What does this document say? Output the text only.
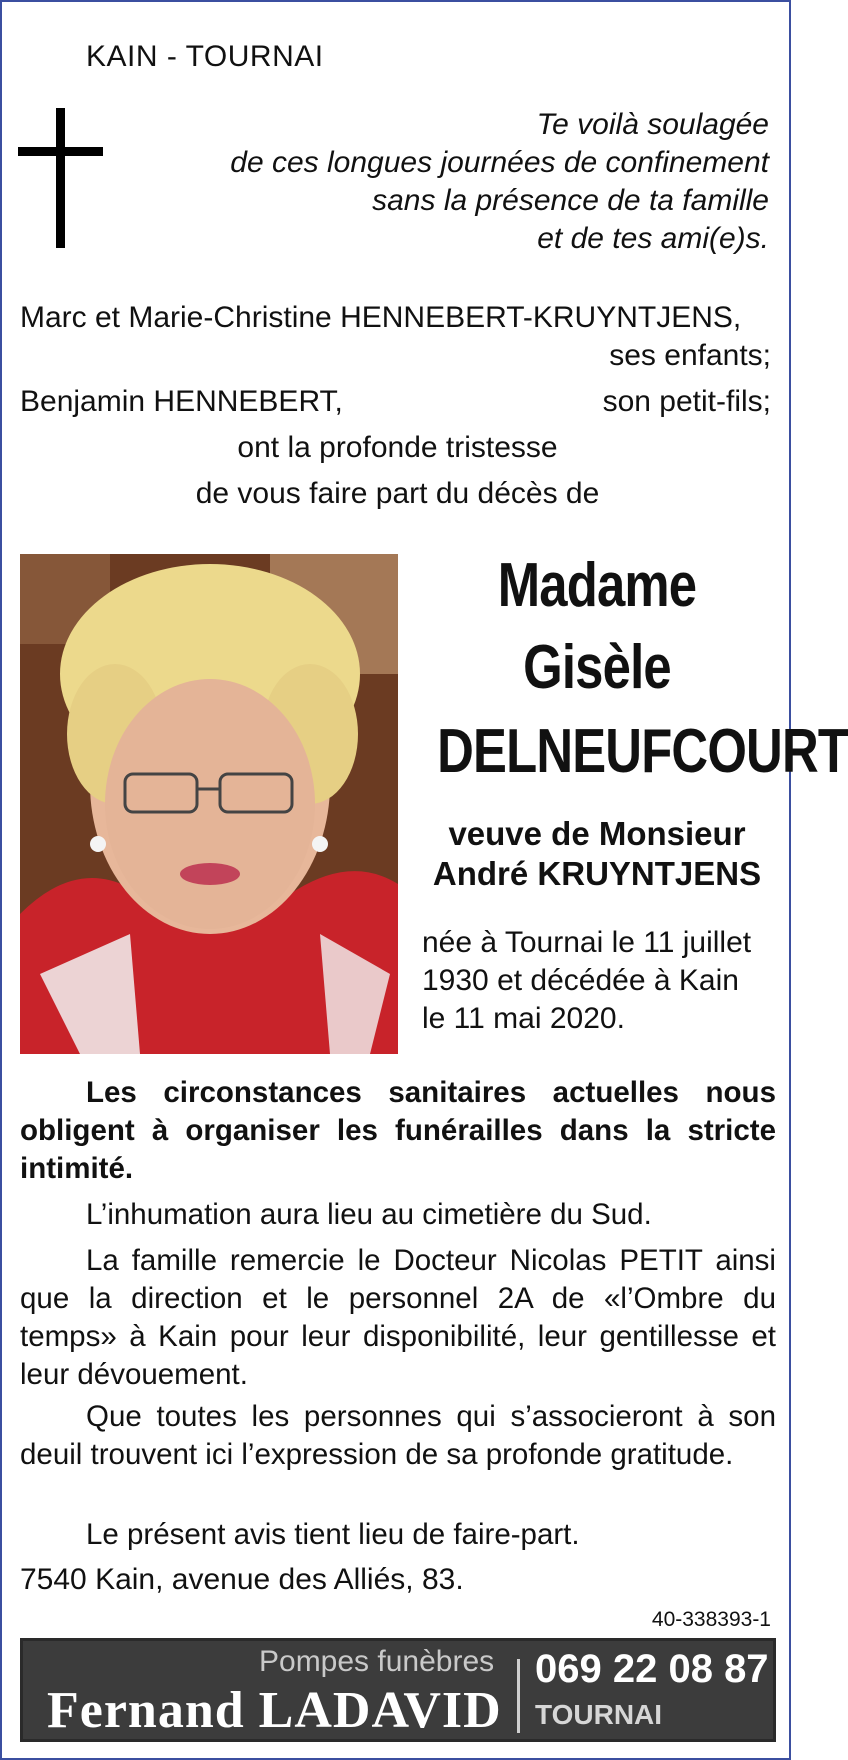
KAIN - TOURNAI
Te voilà soulagée
de ces longues journées de confinement
sans la présence de ta famille
et de tes ami(e)s.
Marc et Marie-Christine HENNEBERT-KRUYNTJENS,
ses enfants;
Benjamin HENNEBERT,	son petit-fils;
ont la profonde tristesse
de vous faire part du décès de
Madame
Gisèle
DELNEUFCOURT
veuve de Monsieur
André KRUYNTJENS
née à Tournai le 11 juillet
1930 et décédée à Kain
le 11 mai 2020.
Les circonstances sanitaires actuelles nous obligent à organiser les funérailles dans la stricte intimité.
L’inhumation aura lieu au cimetière du Sud.
La famille remercie le Docteur Nicolas PETIT ainsi que la direction et le personnel 2A de «l’Ombre du temps» à Kain pour leur disponibilité, leur gentillesse et leur dévouement.
Que toutes les personnes qui s’associeront à son deuil trouvent ici l’expression de sa profonde gratitude.
Le présent avis tient lieu de faire-part.
7540 Kain, avenue des Alliés, 83.
40-338393-1
Pompes funèbres
Fernand LADAVID
069 22 08 87
TOURNAI
